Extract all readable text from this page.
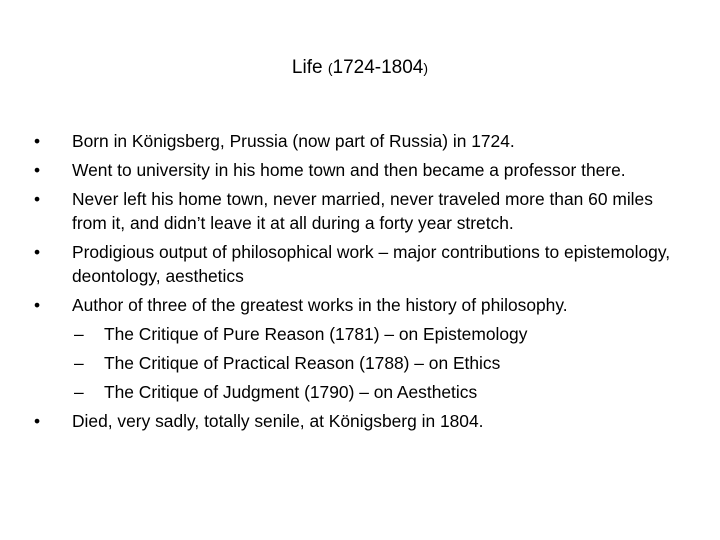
Life (1724-1804)
• Born in Königsberg, Prussia (now part of Russia) in 1724.
• Went to university in his home town and then became a professor there.
• Never left his home town, never married, never traveled more than 60 miles from it, and didn’t leave it at all during a forty year stretch.
• Prodigious output of philosophical work – major contributions to epistemology, deontology, aesthetics
• Author of three of the greatest works in the history of philosophy.
– The Critique of Pure Reason (1781) – on Epistemology
– The Critique of Practical Reason (1788) – on Ethics
– The Critique of Judgment (1790) – on Aesthetics
• Died, very sadly, totally senile, at Königsberg in 1804.
